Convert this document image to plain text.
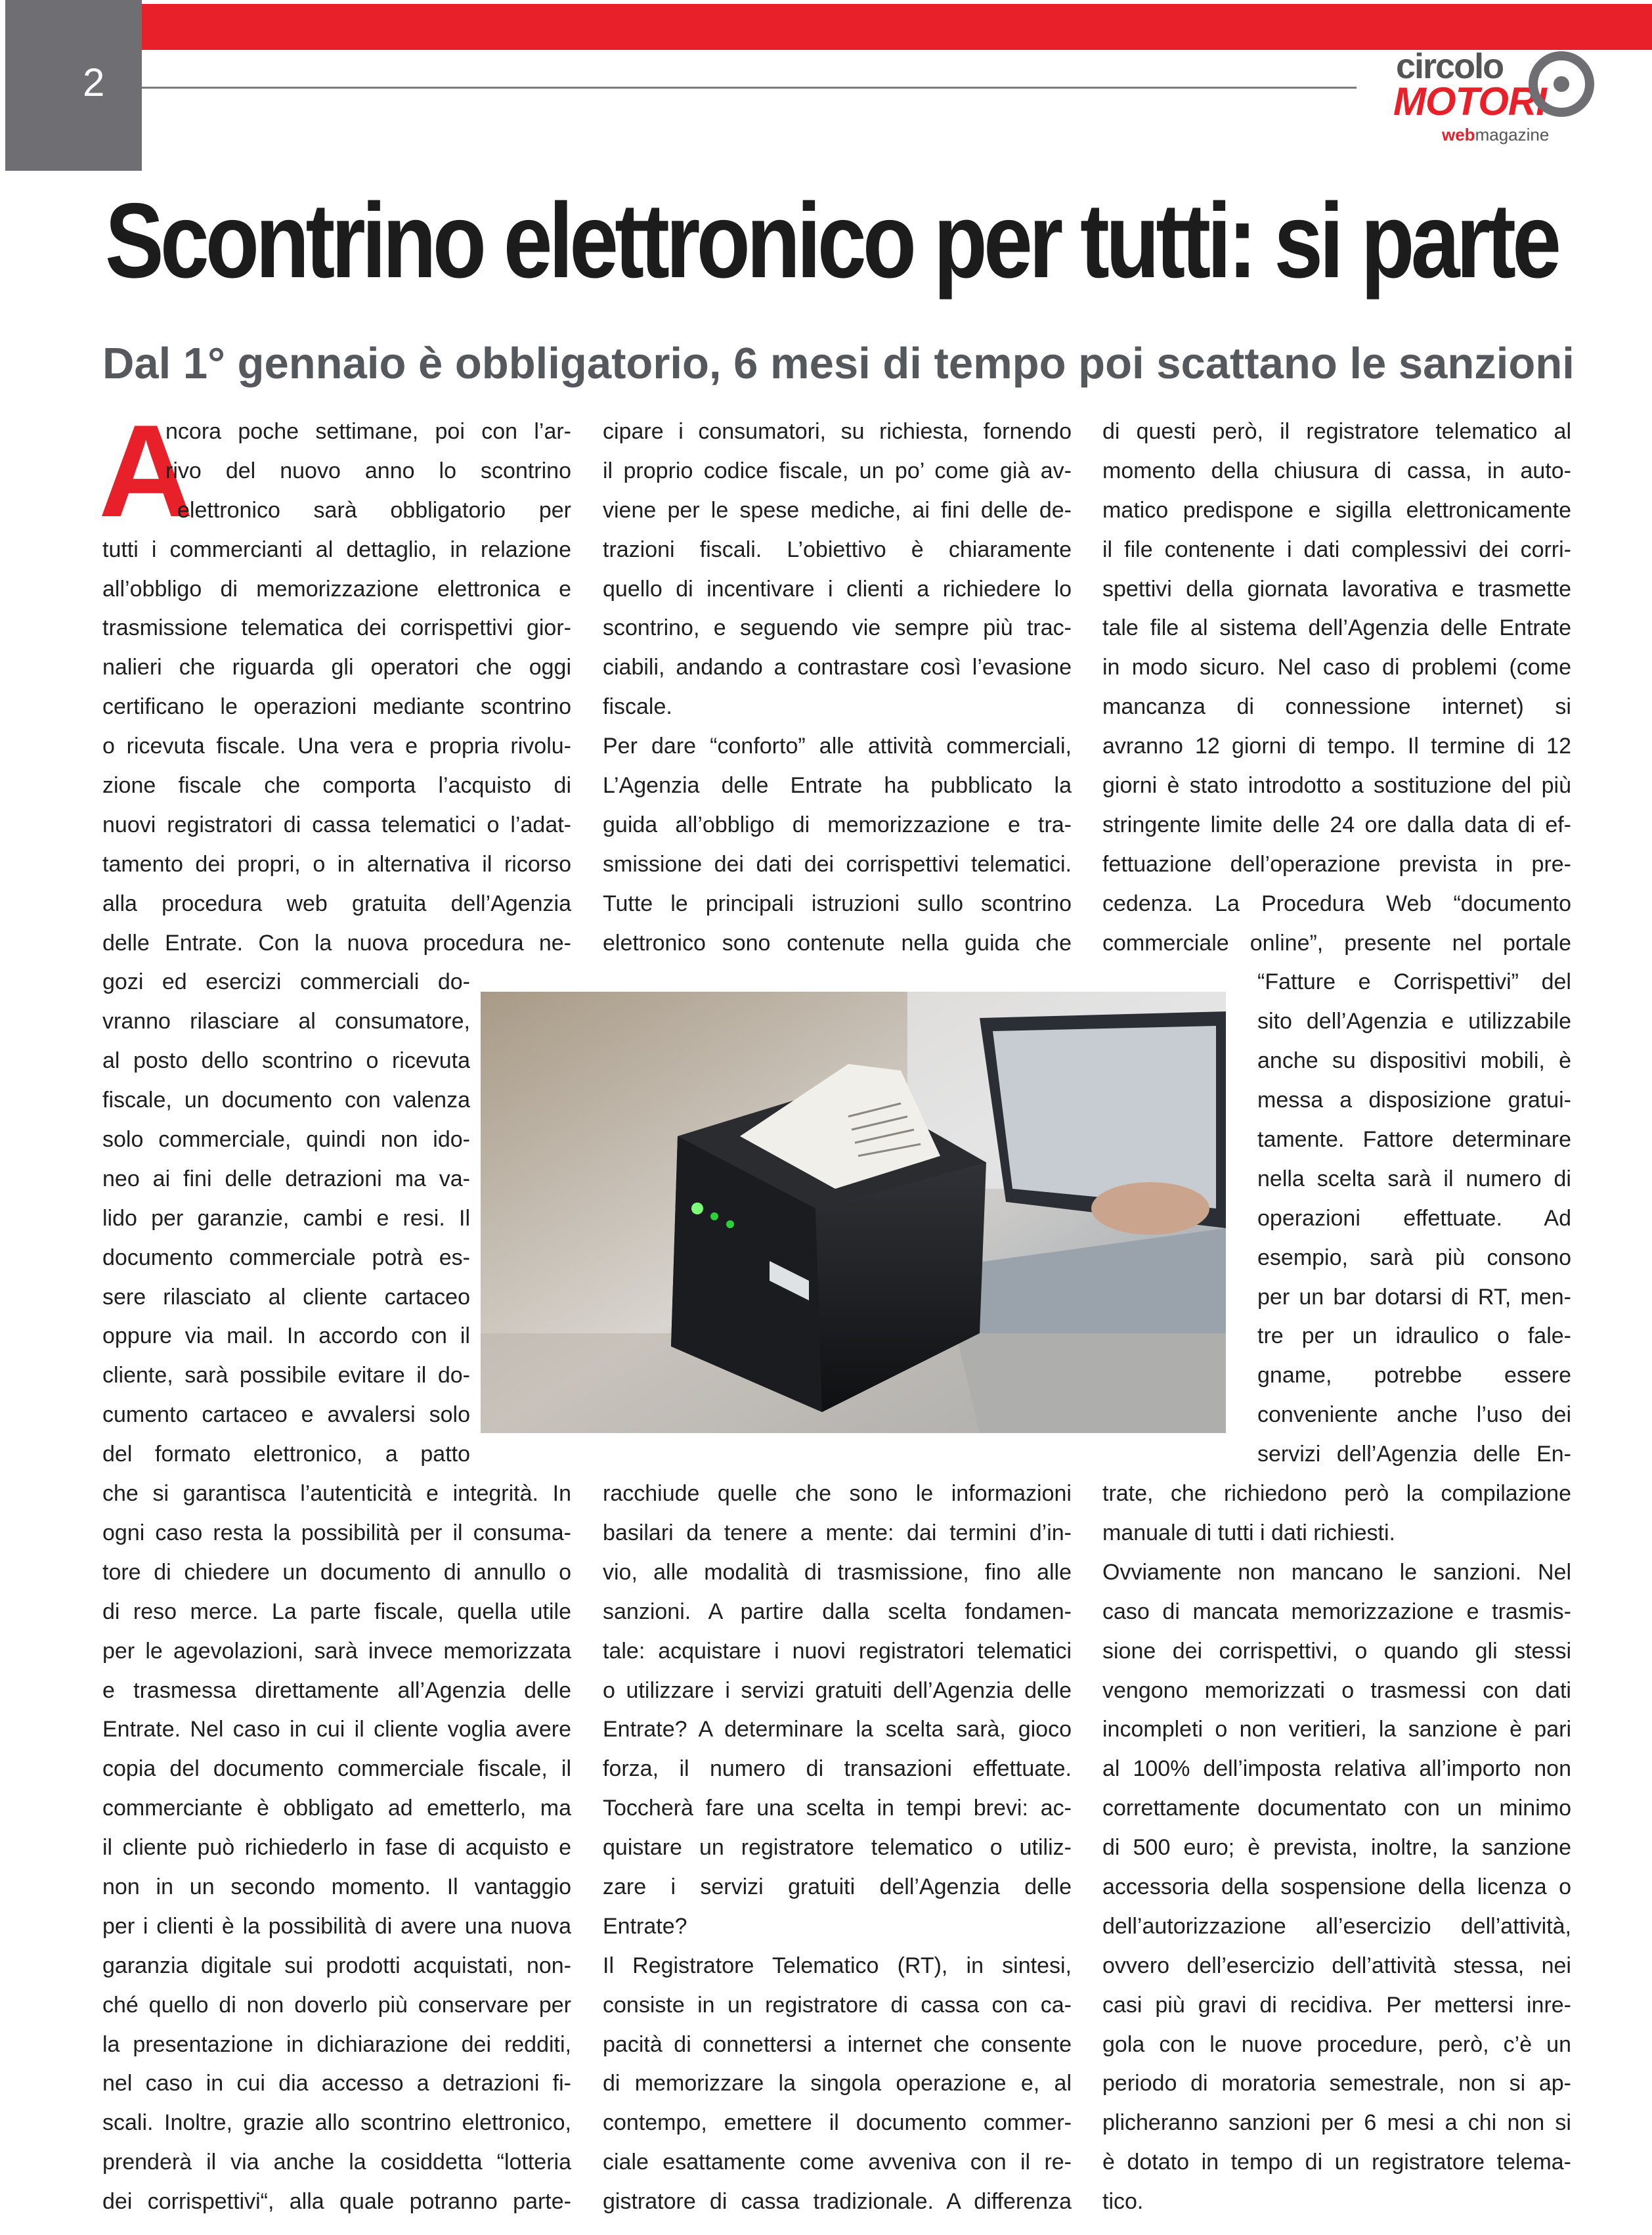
2	circolo
MOTORI
webmagazine
Scontrino elettronico per tutti: si parte
Dal 1° gennaio è obbligatorio, 6 mesi di tempo poi scattano le sanzioni
A
ncora poche settimane, poi con l’ar-
rivo del nuovo anno lo scontrino
elettronico sarà obbligatorio per
tutti i commercianti al dettaglio, in relazione
all’obbligo di memorizzazione elettronica e
trasmissione telematica dei corrispettivi gior-
nalieri che riguarda gli operatori che oggi
certificano le operazioni mediante scontrino
o ricevuta fiscale. Una vera e propria rivolu-
zione fiscale che comporta l’acquisto di
nuovi registratori di cassa telematici o l’adat-
tamento dei propri, o in alternativa il ricorso
alla procedura web gratuita dell’Agenzia
delle Entrate. Con la nuova procedura ne-
gozi ed esercizi commerciali do-
vranno rilasciare al consumatore,
al posto dello scontrino o ricevuta
fiscale, un documento con valenza
solo commerciale, quindi non ido-
neo ai fini delle detrazioni ma va-
lido per garanzie, cambi e resi. Il
documento commerciale potrà es-
sere rilasciato al cliente cartaceo
oppure via mail. In accordo con il
cliente, sarà possibile evitare il do-
cumento cartaceo e avvalersi solo
del formato elettronico, a patto
che si garantisca l’autenticità e integrità. In
ogni caso resta la possibilità per il consuma-
tore di chiedere un documento di annullo o
di reso merce. La parte fiscale, quella utile
per le agevolazioni, sarà invece memorizzata
e trasmessa direttamente all’Agenzia delle
Entrate. Nel caso in cui il cliente voglia avere
copia del documento commerciale fiscale, il
commerciante è obbligato ad emetterlo, ma
il cliente può richiederlo in fase di acquisto e
non in un secondo momento. Il vantaggio
per i clienti è la possibilità di avere una nuova
garanzia digitale sui prodotti acquistati, non-
ché quello di non doverlo più conservare per
la presentazione in dichiarazione dei redditi,
nel caso in cui dia accesso a detrazioni fi-
scali. Inoltre, grazie allo scontrino elettronico,
prenderà il via anche la cosiddetta “lotteria
dei corrispettivi“, alla quale potranno parte-
cipare i consumatori, su richiesta, fornendo
il proprio codice fiscale, un po’ come già av-
viene per le spese mediche, ai fini delle de-
trazioni fiscali. L’obiettivo è chiaramente
quello di incentivare i clienti a richiedere lo
scontrino, e seguendo vie sempre più trac-
ciabili, andando a contrastare così l’evasione
fiscale.
Per dare “conforto” alle attività commerciali,
L’Agenzia delle Entrate ha pubblicato la
guida all’obbligo di memorizzazione e tra-
smissione dei dati dei corrispettivi telematici.
Tutte le principali istruzioni sullo scontrino
elettronico sono contenute nella guida che
racchiude quelle che sono le informazioni
basilari da tenere a mente: dai termini d’in-
vio, alle modalità di trasmissione, fino alle
sanzioni. A partire dalla scelta fondamen-
tale: acquistare i nuovi registratori telematici
o utilizzare i servizi gratuiti dell’Agenzia delle
Entrate? A determinare la scelta sarà, gioco
forza, il numero di transazioni effettuate.
Toccherà fare una scelta in tempi brevi: ac-
quistare un registratore telematico o utiliz-
zare i servizi gratuiti dell’Agenzia delle
Entrate?
Il Registratore Telematico (RT), in sintesi,
consiste in un registratore di cassa con ca-
pacità di connettersi a internet che consente
di memorizzare la singola operazione e, al
contempo, emettere il documento commer-
ciale esattamente come avveniva con il re-
gistratore di cassa tradizionale. A differenza
di questi però, il registratore telematico al
momento della chiusura di cassa, in auto-
matico predispone e sigilla elettronicamente
il file contenente i dati complessivi dei corri-
spettivi della giornata lavorativa e trasmette
tale file al sistema dell’Agenzia delle Entrate
in modo sicuro. Nel caso di problemi (come
mancanza di connessione internet) si
avranno 12 giorni di tempo. Il termine di 12
giorni è stato introdotto a sostituzione del più
stringente limite delle 24 ore dalla data di ef-
fettuazione dell’operazione prevista in pre-
cedenza. La Procedura Web “documento
commerciale online”, presente nel portale
“Fatture e Corrispettivi” del
sito dell’Agenzia e utilizzabile
anche su dispositivi mobili, è
messa a disposizione gratui-
tamente. Fattore determinare
nella scelta sarà il numero di
operazioni effettuate. Ad
esempio, sarà più consono
per un bar dotarsi di RT, men-
tre per un idraulico o fale-
gname, potrebbe essere
conveniente anche l’uso dei
servizi dell’Agenzia delle En-
trate, che richiedono però la compilazione
manuale di tutti i dati richiesti.
Ovviamente non mancano le sanzioni. Nel
caso di mancata memorizzazione e trasmis-
sione dei corrispettivi, o quando gli stessi
vengono memorizzati o trasmessi con dati
incompleti o non veritieri, la sanzione è pari
al 100% dell’imposta relativa all’importo non
correttamente documentato con un minimo
di 500 euro; è prevista, inoltre, la sanzione
accessoria della sospensione della licenza o
dell’autorizzazione all’esercizio dell’attività,
ovvero dell’esercizio dell’attività stessa, nei
casi più gravi di recidiva. Per mettersi inre-
gola con le nuove procedure, però, c’è un
periodo di moratoria semestrale, non si ap-
plicheranno sanzioni per 6 mesi a chi non si
è dotato in tempo di un registratore telema-
tico.
